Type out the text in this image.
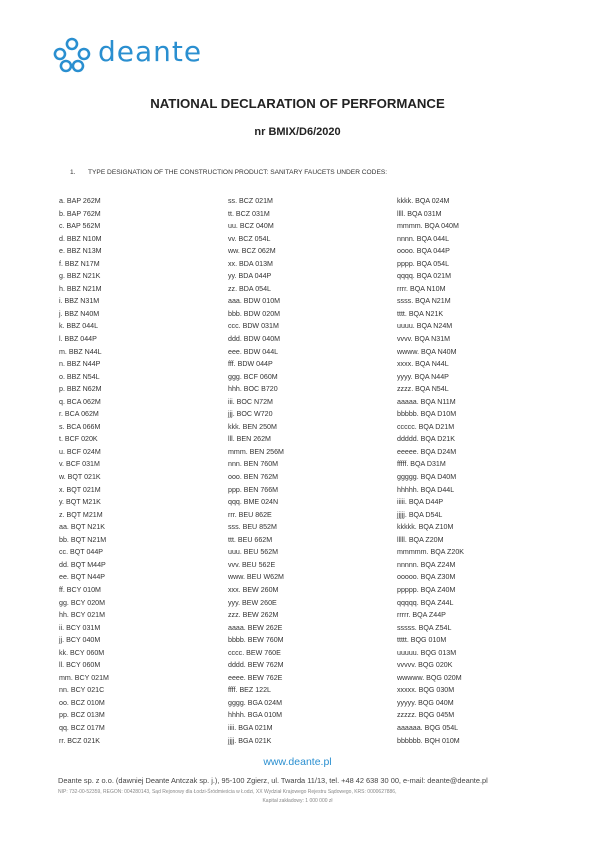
deante
NATIONAL DECLARATION OF PERFORMANCE
nr BMIX/D6/2020
1. TYPE DESIGNATION OF THE CONSTRUCTION PRODUCT: SANITARY FAUCETS UNDER CODES:
a. BAP 262M
b. BAP 762M
c. BAP 562M
d. BBZ N10M
e. BBZ N13M
f. BBZ N17M
g. BBZ N21K
h. BBZ N21M
i. BBZ N31M
j. BBZ N40M
k. BBZ 044L
l. BBZ 044P
m. BBZ N44L
n. BBZ N44P
o. BBZ N54L
p. BBZ N62M
q. BCA 062M
r. BCA 062M
s. BCA 066M
t. BCF 020K
u. BCF 024M
v. BCF 031M
w. BQT 021K
x. BQT 021M
y. BQT M21K
z. BQT M21M
aa. BQT N21K
bb. BQT N21M
cc. BQT 044P
dd. BQT M44P
ee. BQT N44P
ff. BCY 010M
gg. BCY 020M
hh. BCY 021M
ii. BCY 031M
jj. BCY 040M
kk. BCY 060M
ll. BCY 060M
mm. BCY 021M
nn. BCY 021C
oo. BCZ 010M
pp. BCZ 013M
qq. BCZ 017M
rr. BCZ 021K
ss. BCZ 021M
tt. BCZ 031M
uu. BCZ 040M
vv. BCZ 054L
ww. BCZ 062M
xx. BDA 013M
yy. BDA 044P
zz. BDA 054L
aaa. BDW 010M
bbb. BDW 020M
ccc. BDW 031M
ddd. BDW 040M
eee. BDW 044L
fff. BDW 044P
ggg. BCF 060M
hhh. BOC B720
iii. BOC N72M
jjj. BOC W720
kkk. BEN 250M
lll. BEN 262M
mmm. BEN 256M
nnn. BEN 760M
ooo. BEN 762M
ppp. BEN 766M
qqq. BME 024N
rrr. BEU 862E
sss. BEU 852M
ttt. BEU 662M
uuu. BEU 562M
vvv. BEU 562E
www. BEU W62M
xxx. BEW 260M
yyy. BEW 260E
zzz. BEW 262M
aaaa. BEW 262E
bbbb. BEW 760M
cccc. BEW 760E
dddd. BEW 762M
eeee. BEW 762E
ffff. BEZ 122L
gggg. BGA 024M
hhhh. BGA 010M
iiii. BGA 021M
jjjj. BGA 021K
kkkk. BQA 024M
llll. BQA 031M
mmmm. BQA 040M
nnnn. BQA 044L
oooo. BQA 044P
pppp. BQA 054L
qqqq. BQA 021M
rrrr. BQA N10M
ssss. BQA N21M
tttt. BQA N21K
uuuu. BQA N24M
vvvv. BQA N31M
wwww. BQA N40M
xxxx. BQA N44L
yyyy. BQA N44P
zzzz. BQA N54L
aaaaa. BQA N11M
bbbbb. BQA D10M
ccccc. BQA D21M
ddddd. BQA D21K
eeeee. BQA D24M
fffff. BQA D31M
ggggg. BQA D40M
hhhhh. BQA D44L
iiiii. BQA D44P
jjjjj. BQA D54L
kkkkk. BQA Z10M
lllll. BQA Z20M
mmmmm. BQA Z20K
nnnnn. BQA Z24M
ooooo. BQA Z30M
ppppp. BQA Z40M
qqqqq. BQA Z44L
rrrrr. BQA Z44P
sssss. BQA Z54L
ttttt. BQG 010M
uuuuu. BQG 013M
vvvvv. BQG 020K
wwwww. BQG 020M
xxxxx. BQG 030M
yyyyy. BQG 040M
zzzzz. BQG 045M
aaaaaa. BQG 054L
bbbbbb. BQH 010M
www.deante.pl
Deante sp. z o.o. (dawniej Deante Antczak sp. j.), 95-100 Zgierz, ul. Twarda 11/13, tel. +48 42 638 30 00, e-mail: deante@deante.pl
NIP: 732-00-52359, REGON: 004280143, Sąd Rejonowy dla Łodzi-Śródmieścia w Łodzi, XX Wydział Krajowego Rejestru Sądowego, KRS: 0000627886,
Kapitał zakładowy: 1 000 000 zł
